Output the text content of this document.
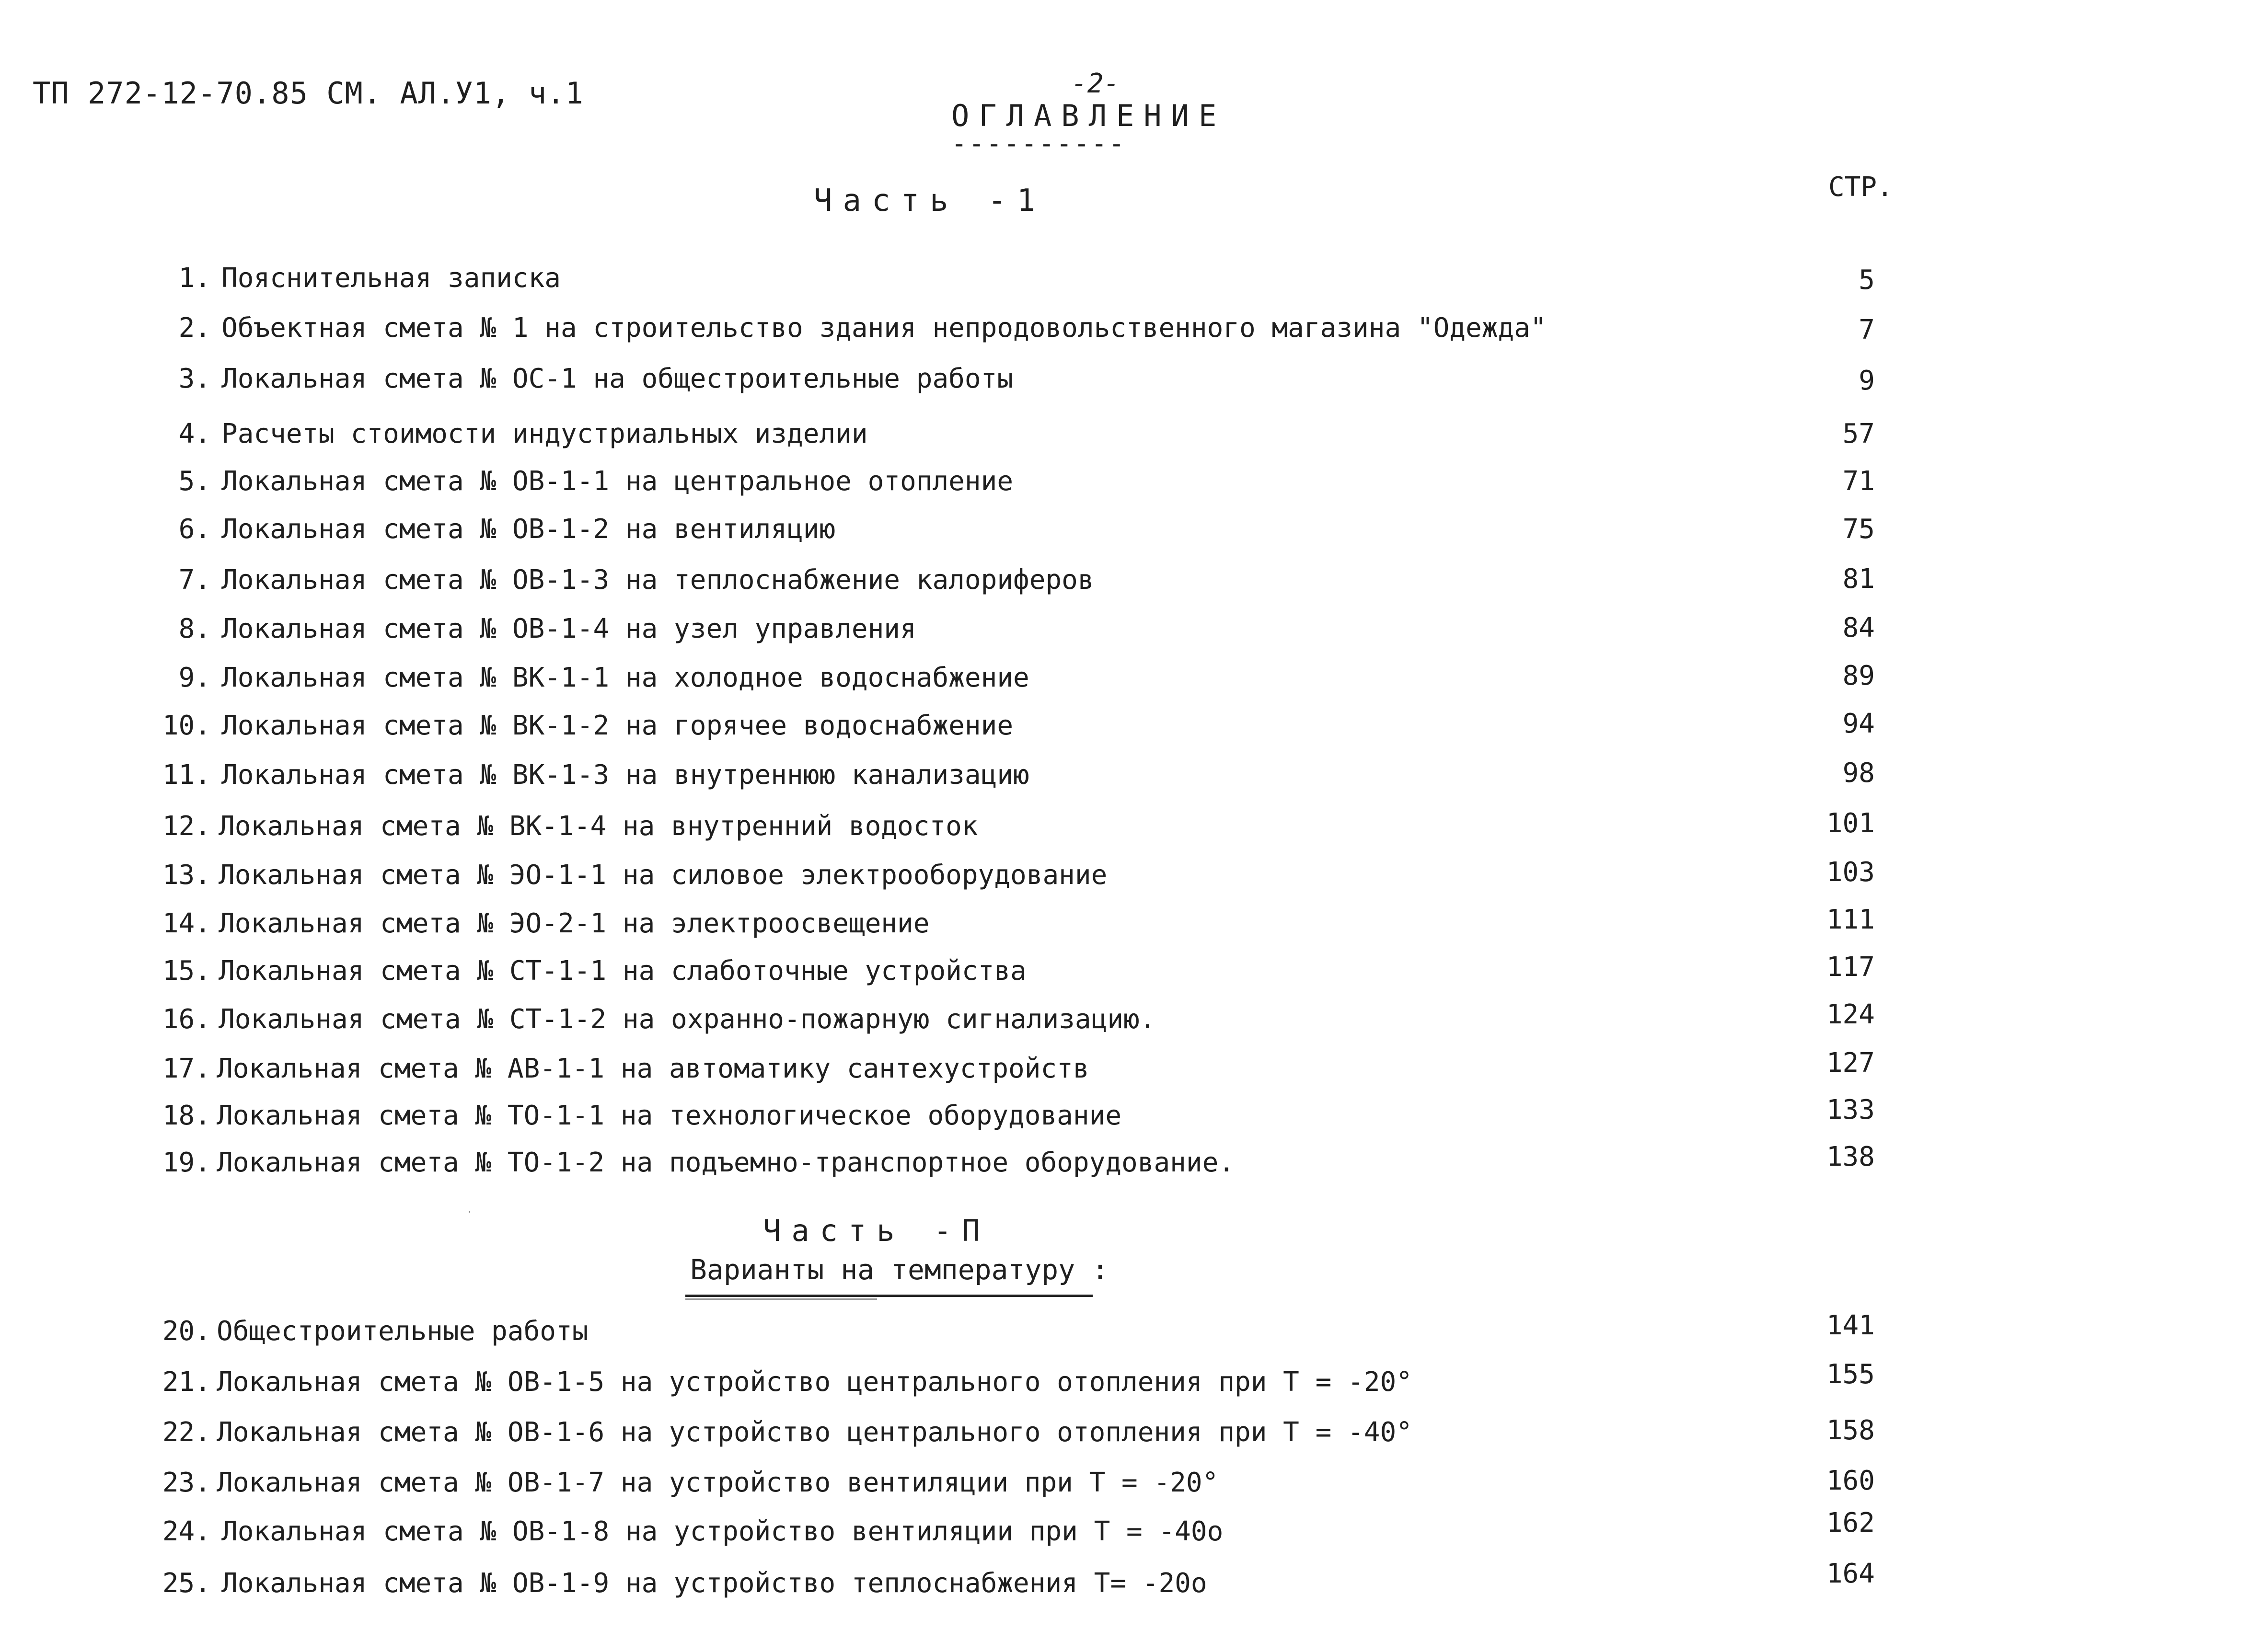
ТП 272-12-70.85 СМ. АЛ.У1, ч.1	-2-
ОГЛАВЛЕНИЕ
----------
Часть -1	СТР.
1. Пояснительная записка	5
2. Объектная смета № 1 на строительство здания непродовольственного магазина "Одежда"	7
3. Локальная смета № ОС-1 на общестроительные работы	9
4. Расчеты стоимости индустриальных изделии	57
5. Локальная смета № ОВ-1-1 на центральное отопление	71
6. Локальная смета № ОВ-1-2 на вентиляцию	75
7. Локальная смета № ОВ-1-3 на теплоснабжение калориферов	81
8. Локальная смета № ОВ-1-4 на узел управления	84
9. Локальная смета № ВК-1-1 на холодное водоснабжение	89
10. Локальная смета № ВК-1-2 на горячее водоснабжение	94
11. Локальная смета № ВК-1-3 на внутреннюю канализацию	98
12. Локальная смета № ВК-1-4 на внутренний водосток	101
13. Локальная смета № ЭО-1-1 на силовое электрооборудование	103
14. Локальная смета № ЭО-2-1 на электроосвещение	111
15. Локальная смета № СТ-1-1 на слаботочные устройства	117
16. Локальная смета № СТ-1-2 на охранно-пожарную сигнализацию.	124
17. Локальная смета № АВ-1-1 на автоматику сантехустройств	127
18. Локальная смета № ТО-1-1 на технологическое оборудование	133
19. Локальная смета № ТО-1-2 на подъемно-транспортное оборудование.	138
Часть -П
Варианты на температуру :
20. Общестроительные работы	141
21. Локальная смета № ОВ-1-5 на устройство центрального отопления при Т = -20°	155
22. Локальная смета № ОВ-1-6 на устройство центрального отопления при Т = -40°	158
23. Локальная смета № ОВ-1-7 на устройство вентиляции при Т = -20°	160
24. Локальная смета № ОВ-1-8 на устройство вентиляции при Т = -40о	162
25. Локальная смета № ОВ-1-9 на устройство теплоснабжения Т= -20о	164
